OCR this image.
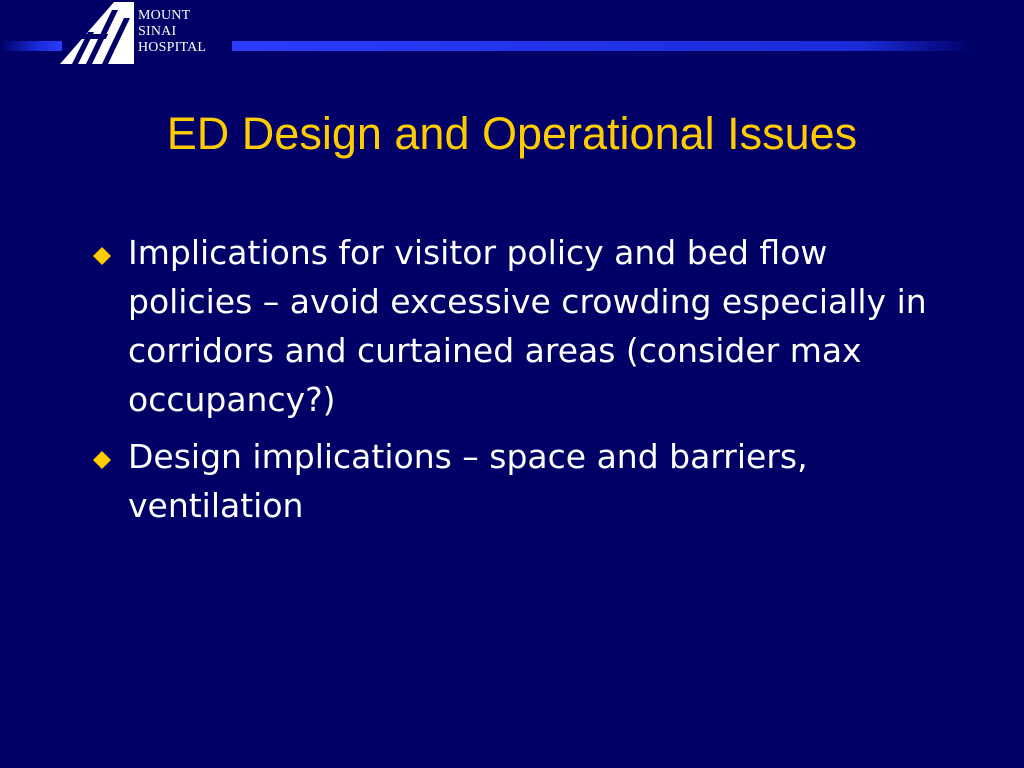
MOUNT
SINAI
HOSPITAL
ED Design and Operational Issues
Implications for visitor policy and bed flow policies – avoid excessive crowding especially in corridors and curtained areas (consider max occupancy?)
Design implications – space and barriers, ventilation
